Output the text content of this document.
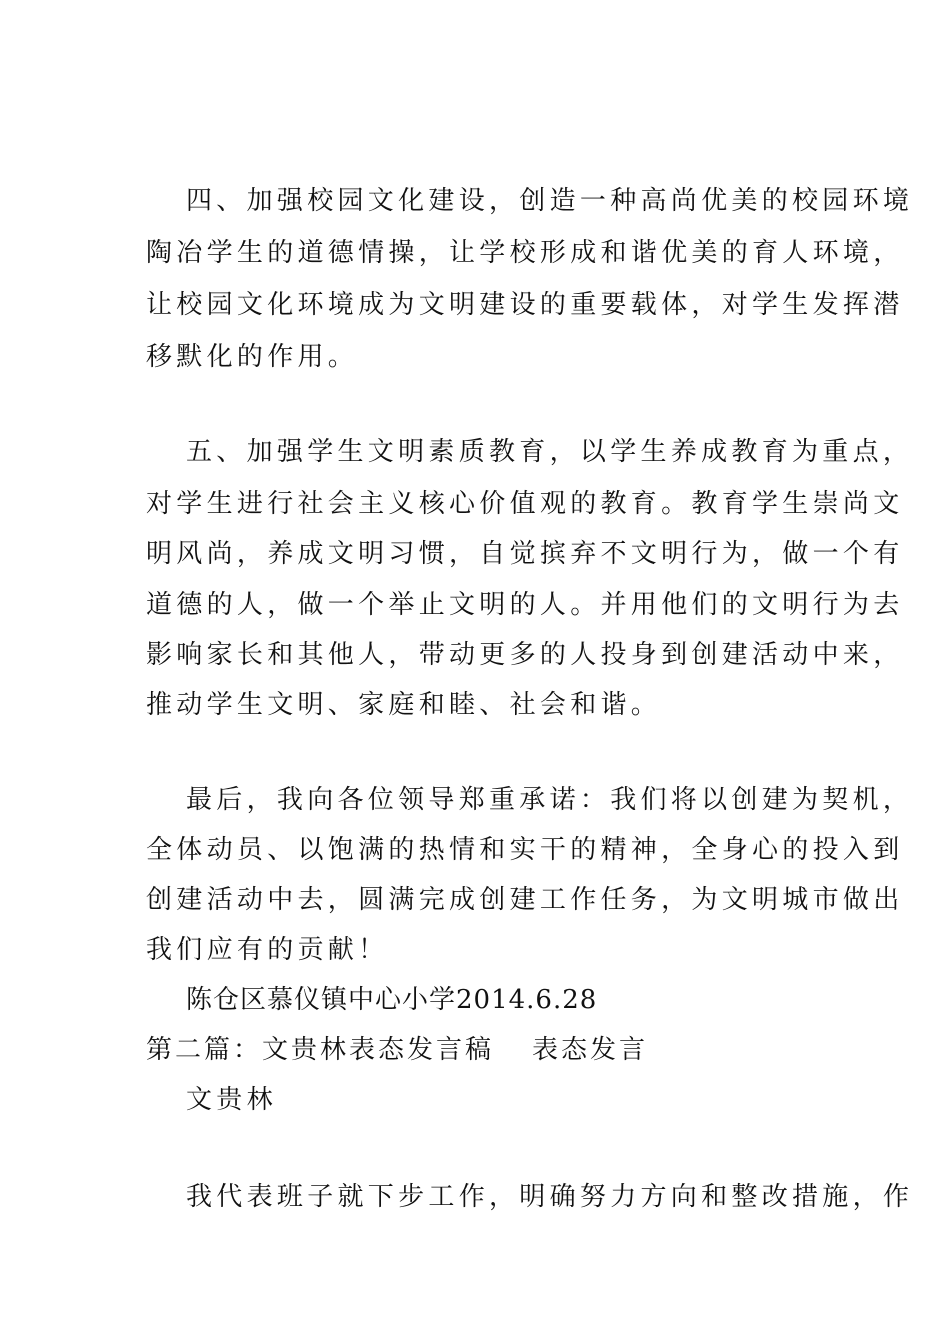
四、加强校园文化建设，创造一种高尚优美的校园环境
陶冶学生的道德情操，让学校形成和谐优美的育人环境，
让校园文化环境成为文明建设的重要载体，对学生发挥潜
移默化的作用。
五、加强学生文明素质教育，以学生养成教育为重点，
对学生进行社会主义核心价值观的教育。教育学生崇尚文
明风尚，养成文明习惯，自觉摈弃不文明行为，做一个有
道德的人，做一个举止文明的人。并用他们的文明行为去
影响家长和其他人，带动更多的人投身到创建活动中来，
推动学生文明、家庭和睦、社会和谐。
最后，我向各位领导郑重承诺：我们将以创建为契机，
全体动员、以饱满的热情和实干的精神，全身心的投入到
创建活动中去，圆满完成创建工作任务，为文明城市做出
我们应有的贡献！
陈仓区慕仪镇中心小学2014.6.28
第二篇：文贵林表态发言稿 表态发言
文贵林
我代表班子就下步工作，明确努力方向和整改措施，作
